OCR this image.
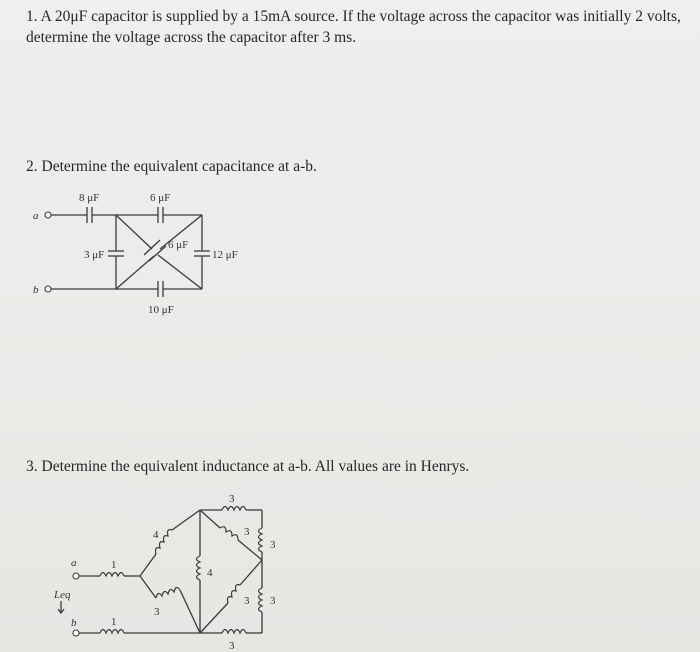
1. A 20μF capacitor is supplied by a 15mA source. If the voltage across the capacitor was initially 2 volts, determine the voltage across the capacitor after 3 ms.

2. Determine the equivalent capacitance at a-b.

3. Determine the equivalent inductance at a-b. All values are in Henrys.

a
b
8 μF
3 μF
6 μF
12 μF
6 μF
10 μF
a
b
Leq
1
1
4
3
3
4
3
3
3
3
3
